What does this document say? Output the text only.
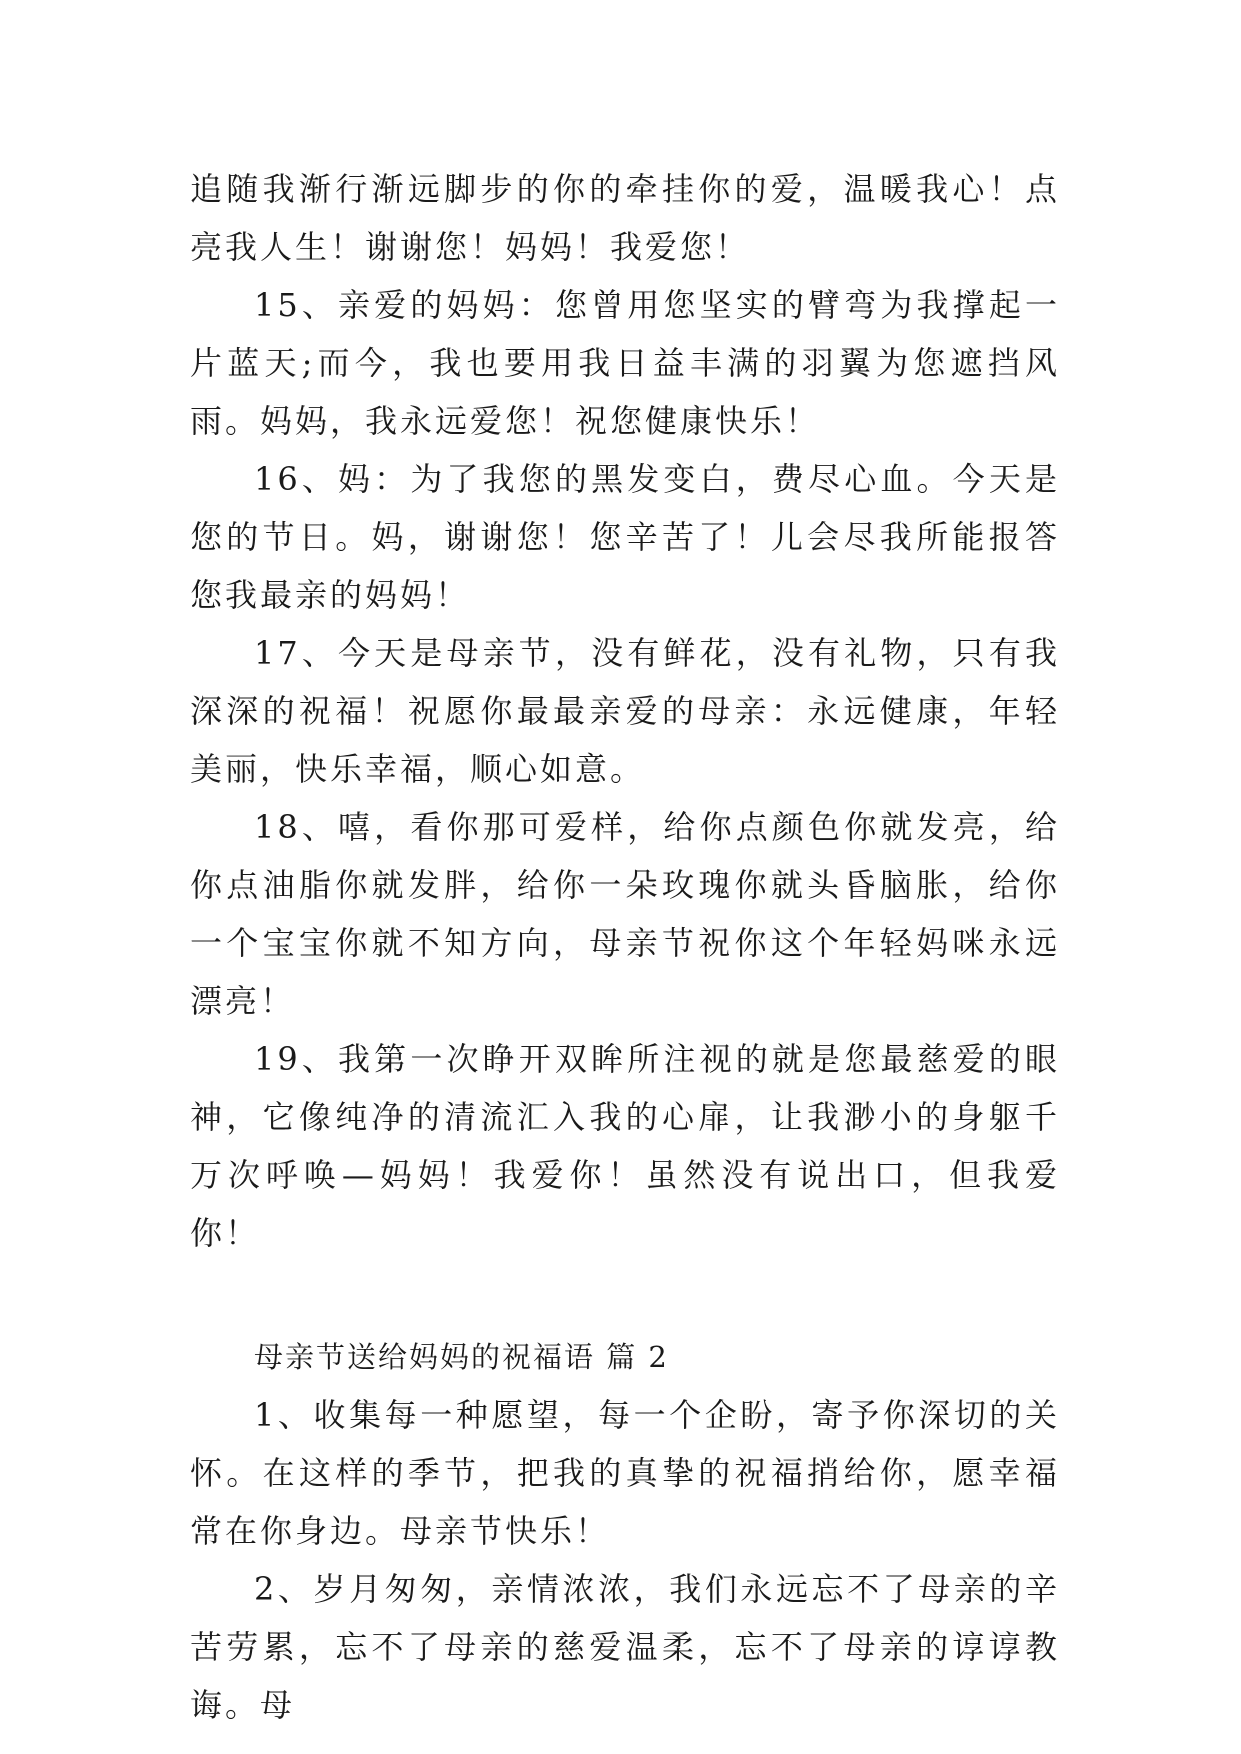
追随我渐行渐远脚步的你的牵挂你的爱，温暖我心！点亮我人生！谢谢您！妈妈！我爱您！

15、亲爱的妈妈：您曾用您坚实的臂弯为我撑起一片蓝天;而今，我也要用我日益丰满的羽翼为您遮挡风雨。妈妈，我永远爱您！祝您健康快乐！

16、妈：为了我您的黑发变白，费尽心血。今天是您的节日。妈，谢谢您！您辛苦了！儿会尽我所能报答您我最亲的妈妈！

17、今天是母亲节，没有鲜花，没有礼物，只有我深深的祝福！祝愿你最最亲爱的母亲：永远健康，年轻美丽，快乐幸福，顺心如意。

18、嘻，看你那可爱样，给你点颜色你就发亮，给你点油脂你就发胖，给你一朵玫瑰你就头昏脑胀，给你一个宝宝你就不知方向，母亲节祝你这个年轻妈咪永远漂亮！

19、我第一次睁开双眸所注视的就是您最慈爱的眼神，它像纯净的清流汇入我的心扉，让我渺小的身躯千万次呼唤—妈妈！我爱你！虽然没有说出口，但我爱你！

母亲节送给妈妈的祝福语 篇 2

1、收集每一种愿望，每一个企盼，寄予你深切的关怀。在这样的季节，把我的真挚的祝福捎给你，愿幸福常在你身边。母亲节快乐！

2、岁月匆匆，亲情浓浓，我们永远忘不了母亲的辛苦劳累，忘不了母亲的慈爱温柔，忘不了母亲的谆谆教诲。母
